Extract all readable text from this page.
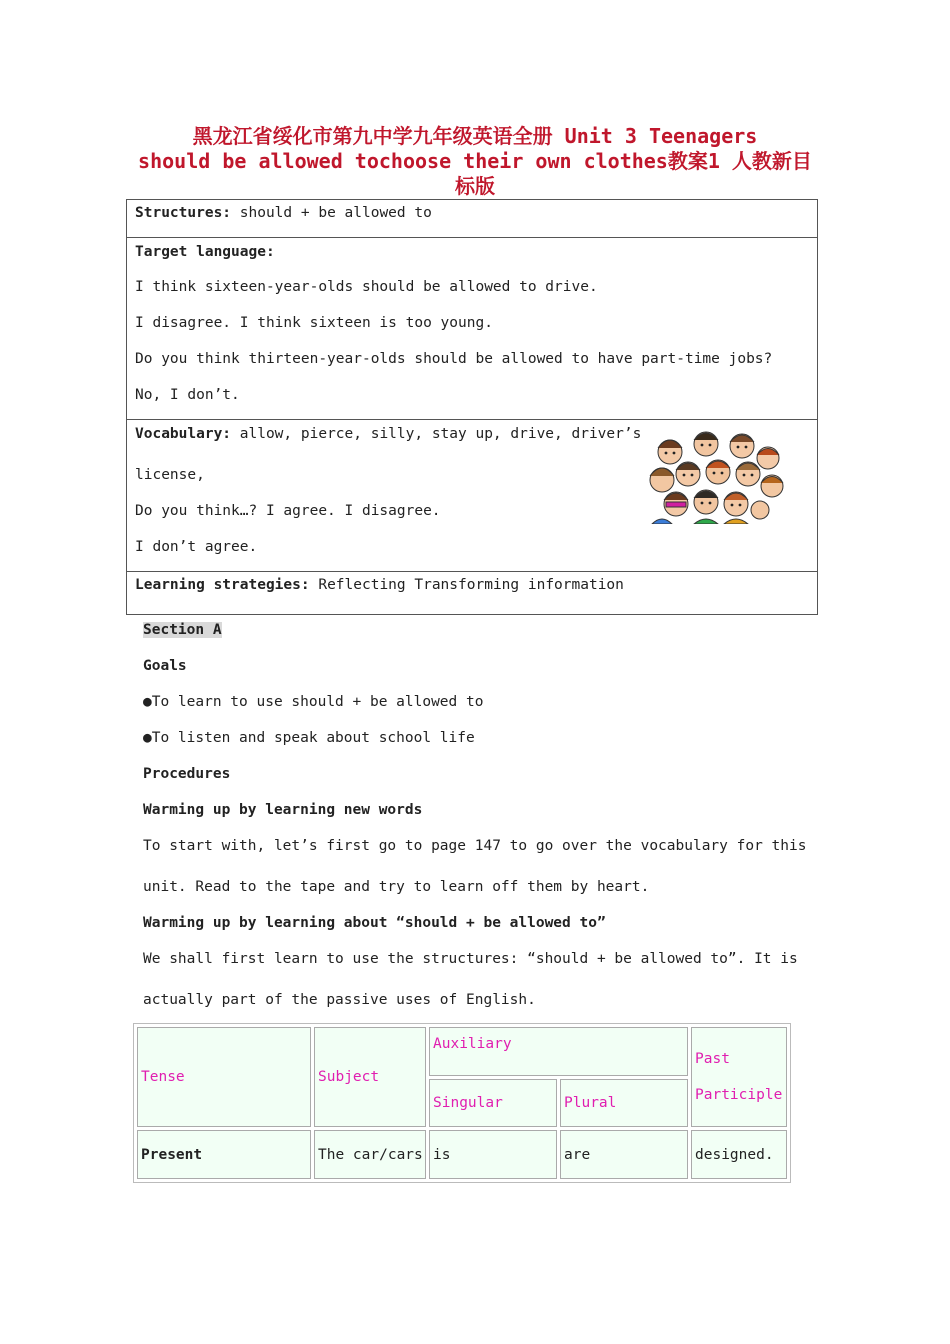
黑龙江省绥化市第九中学九年级英语全册 Unit 3 Teenagers
should be allowed tochoose their own clothes教案1 人教新目
标版
Structures: should + be allowed to
Target language:
I think sixteen-year-olds should be allowed to drive.
I disagree. I think sixteen is too young.
Do you think thirteen-year-olds should be allowed to have part-time jobs?
No, I don’t.
Vocabulary: allow, pierce, silly, stay up, drive, driver’s
license,
Do you think…? I agree. I disagree.
I don’t agree.
Learning strategies: Reflecting Transforming information
Section A
Goals
●To learn to use should + be allowed to
●To listen and speak about school life
Procedures
Warming up by learning new words
To start with, let’s first go to page 147 to go over the vocabulary for this
unit. Read to the tape and try to learn off them by heart.
Warming up by learning about “should + be allowed to”
We shall first learn to use the structures: “should + be allowed to”. It is
actually part of the passive uses of English.
Tense	Subject	Auxiliary		Past
Participle

		Singular	Plural	
Present	The car/cars	is	are	designed.
